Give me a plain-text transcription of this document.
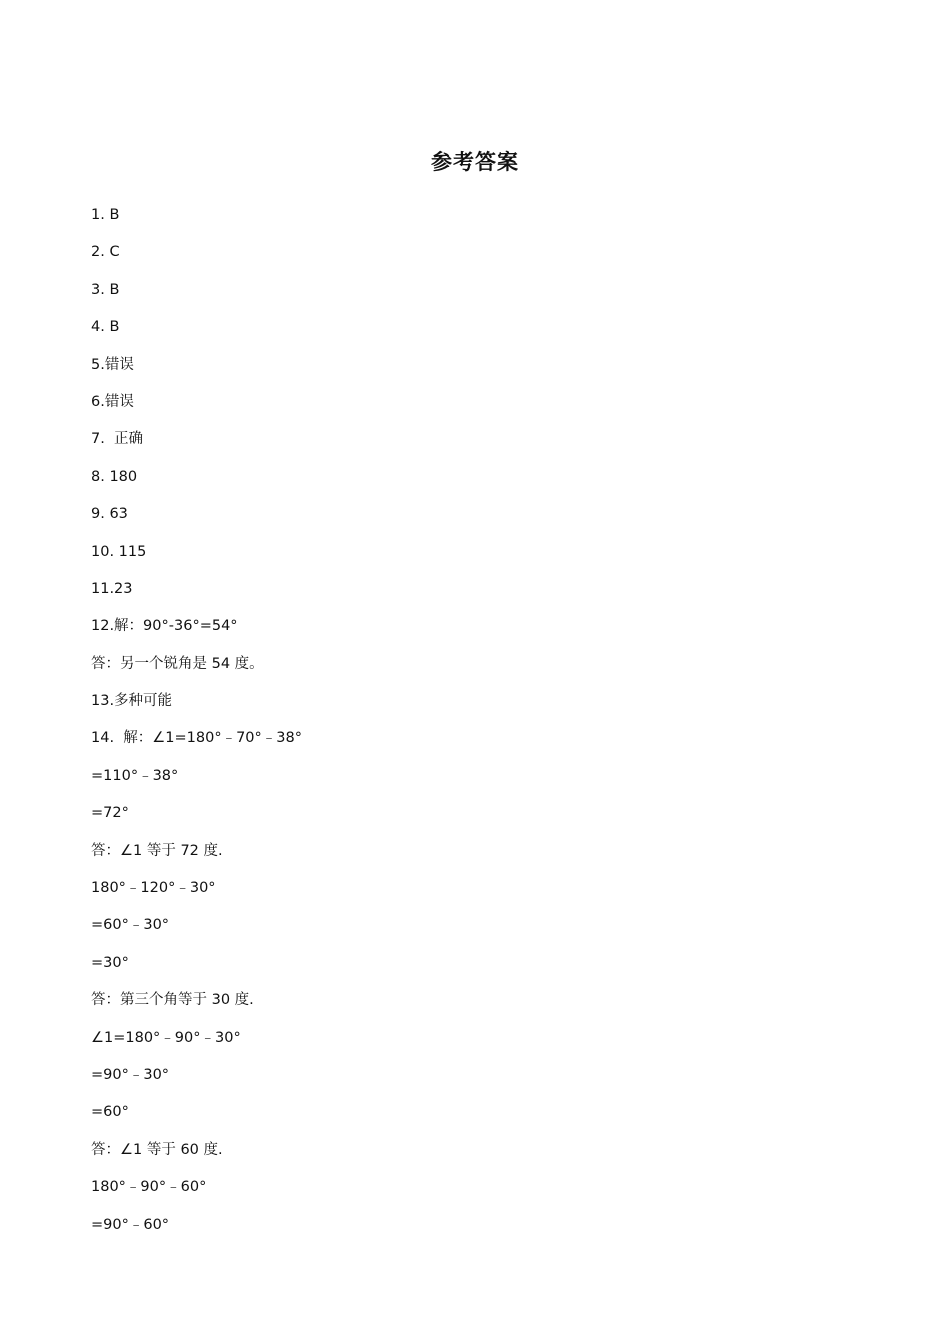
参考答案
1. B
2. C
3. B
4. B
5.错误
6.错误
7.  正确
8. 180
9. 63
10. 115
11.23
12.解：90°-36°=54°
答：另一个锐角是 54 度。
13.多种可能
14.  解：∠1=180°﹣70°﹣38°
=110°﹣38°
=72°
答：∠1 等于 72 度.
180°﹣120°﹣30°
=60°﹣30°
=30°
答：第三个角等于 30 度.
∠1=180°﹣90°﹣30°
=90°﹣30°
=60°
答：∠1 等于 60 度.
180°﹣90°﹣60°
=90°﹣60°
